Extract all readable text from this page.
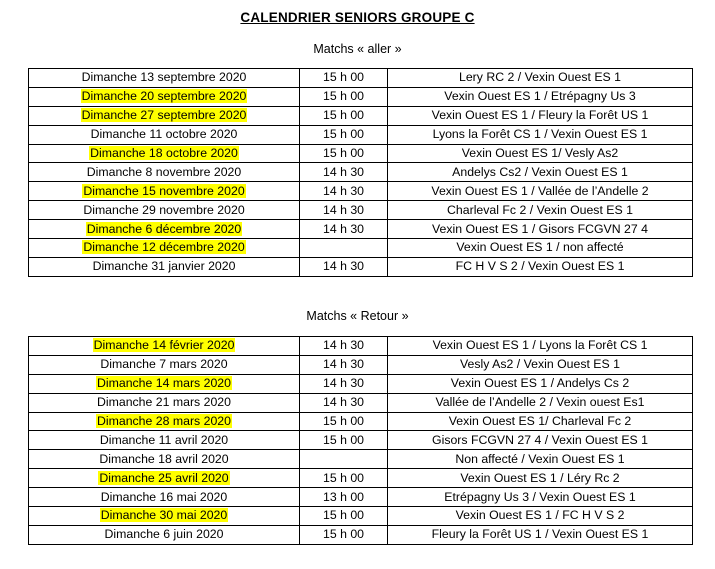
CALENDRIER SENIORS GROUPE C
Matchs « aller »
Dimanche 13 septembre 2020	15 h 00	Lery RC 2 / Vexin Ouest ES 1
Dimanche 20 septembre 2020	15 h 00	Vexin Ouest ES 1 / Etrépagny Us 3
Dimanche 27 septembre 2020	15 h 00	Vexin Ouest ES 1 / Fleury la Forêt US 1
Dimanche 11 octobre 2020	15 h 00	Lyons la Forêt CS 1 / Vexin Ouest ES 1
Dimanche 18 octobre 2020	15 h 00	Vexin Ouest ES 1/ Vesly As2
Dimanche 8 novembre 2020	14 h 30	Andelys Cs2 / Vexin Ouest ES 1
Dimanche 15 novembre 2020	14 h 30	Vexin Ouest ES 1 / Vallée de l’Andelle 2
Dimanche 29 novembre 2020	14 h 30	Charleval Fc 2 / Vexin Ouest ES 1
Dimanche 6 décembre 2020	14 h 30	Vexin Ouest ES 1 / Gisors FCGVN 27 4
Dimanche 12 décembre 2020		Vexin Ouest ES 1 / non affecté
Dimanche 31 janvier 2020	14 h 30	FC H V S 2 / Vexin Ouest ES 1
Matchs « Retour »
Dimanche 14 février 2020	14 h 30	Vexin Ouest ES 1 / Lyons la Forêt CS 1
Dimanche 7 mars 2020	14 h 30	Vesly As2 / Vexin Ouest ES 1
Dimanche 14 mars 2020	14 h 30	Vexin Ouest ES 1 / Andelys Cs 2
Dimanche 21 mars 2020	14 h 30	Vallée de l’Andelle 2 / Vexin ouest Es1
Dimanche 28 mars 2020	15 h 00	Vexin Ouest ES 1/ Charleval Fc 2
Dimanche 11 avril 2020	15 h 00	Gisors FCGVN 27 4 / Vexin Ouest ES 1
Dimanche 18 avril 2020		Non affecté / Vexin Ouest ES 1
Dimanche 25 avril 2020	15 h 00	Vexin Ouest ES 1 / Léry Rc 2
Dimanche 16 mai 2020	13 h 00	Etrépagny Us 3 / Vexin Ouest ES 1
Dimanche 30 mai 2020	15 h 00	Vexin Ouest ES 1 / FC H V S 2
Dimanche 6 juin 2020	15 h 00	Fleury la Forêt US 1 / Vexin Ouest ES 1
